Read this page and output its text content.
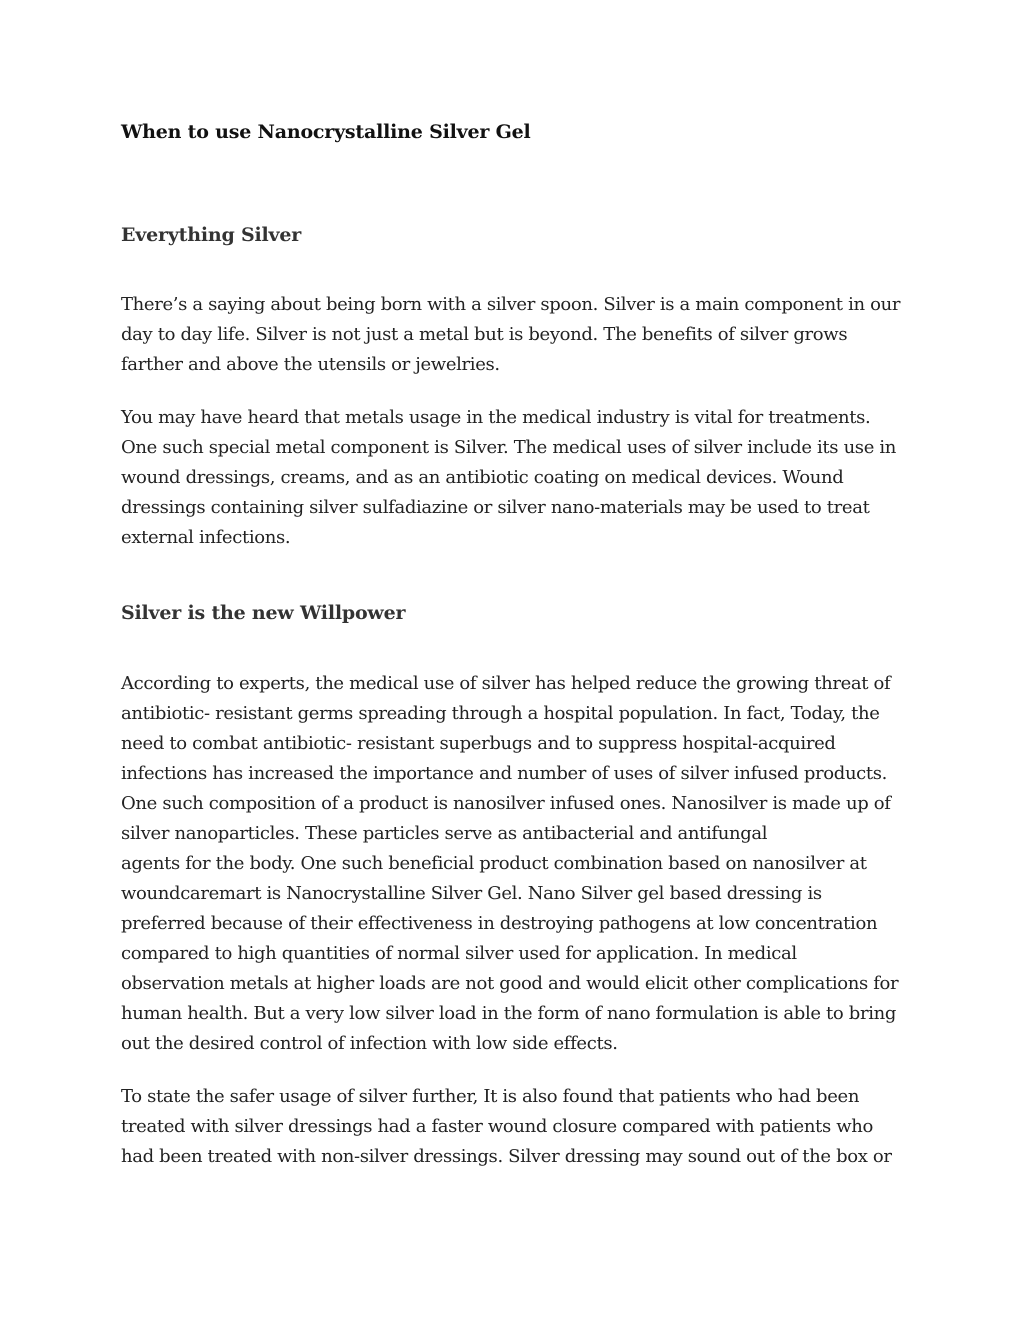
When to use Nanocrystalline Silver Gel
Everything Silver

There’s a saying about being born with a silver spoon. Silver is a main component in our
day to day life. Silver is not just a metal but is beyond. The benefits of silver grows
farther and above the utensils or jewelries.

You may have heard that metals usage in the medical industry is vital for treatments.
One such special metal component is Silver. The medical uses of silver include its use in
wound dressings, creams, and as an antibiotic coating on medical devices. Wound
dressings containing silver sulfadiazine or silver nano-materials may be used to treat
external infections.

Silver is the new Willpower

According to experts, the medical use of silver has helped reduce the growing threat of
antibiotic- resistant germs spreading through a hospital population. In fact, Today, the
need to combat antibiotic- resistant superbugs and to suppress hospital-acquired
infections has increased the importance and number of uses of silver infused products.
One such composition of a product is nanosilver infused ones. Nanosilver is made up of
silver nanoparticles. These particles serve as antibacterial and antifungal
agents for the body. One such beneficial product combination based on nanosilver at
woundcaremart is Nanocrystalline Silver Gel. Nano Silver gel based dressing is
preferred because of their effectiveness in destroying pathogens at low concentration
compared to high quantities of normal silver used for application. In medical
observation metals at higher loads are not good and would elicit other complications for
human health. But a very low silver load in the form of nano formulation is able to bring
out the desired control of infection with low side effects.

To state the safer usage of silver further, It is also found that patients who had been
treated with silver dressings had a faster wound closure compared with patients who
had been treated with non-silver dressings. Silver dressing may sound out of the box or
